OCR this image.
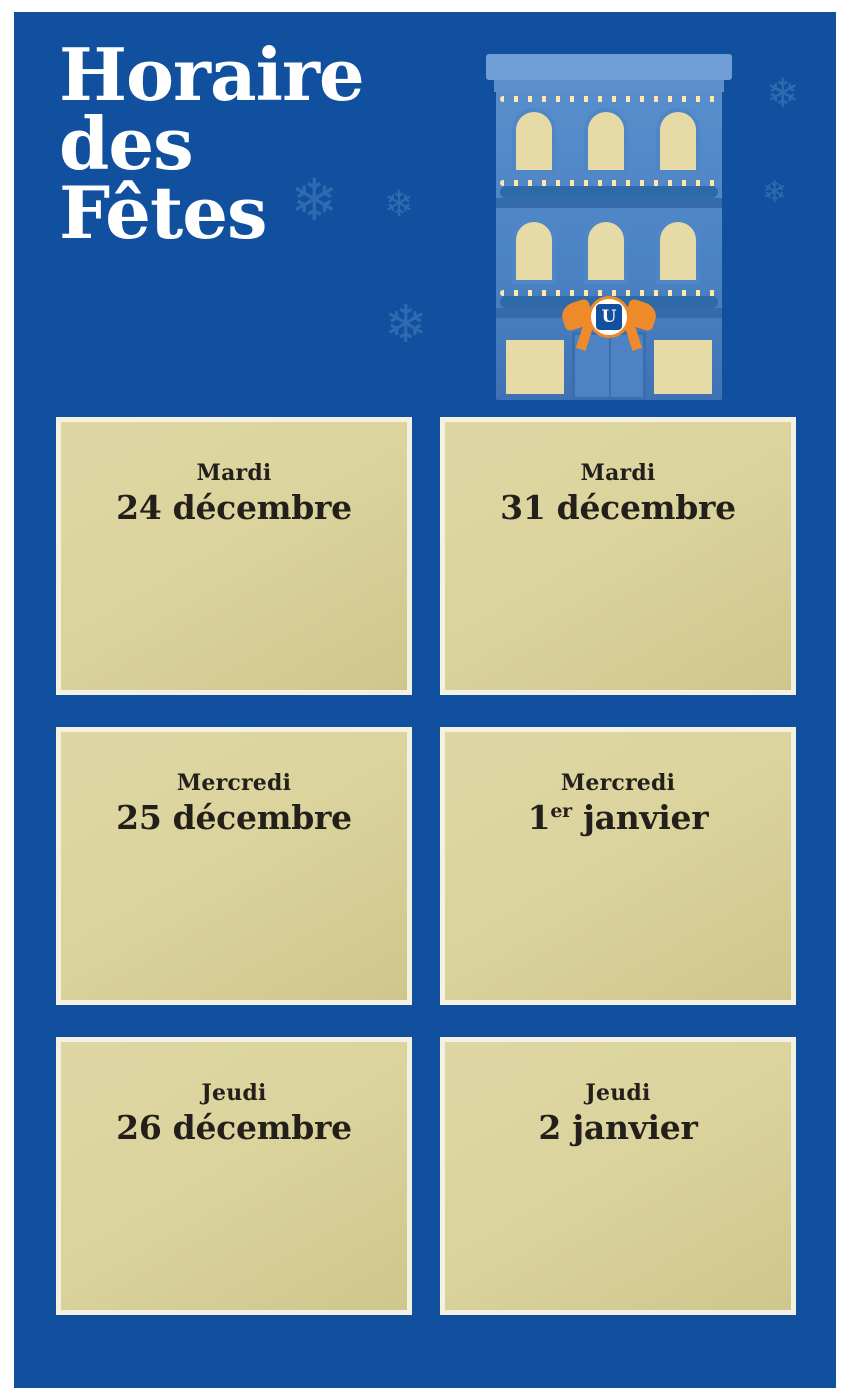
Horaire
des
Fêtes ❄ ❄
❄
❄
❄
U
Mardi
24 décembre
Mardi
31 décembre
Mercredi
25 décembre
Mercredi
1er janvier
Jeudi
26 décembre
Jeudi
2 janvier
